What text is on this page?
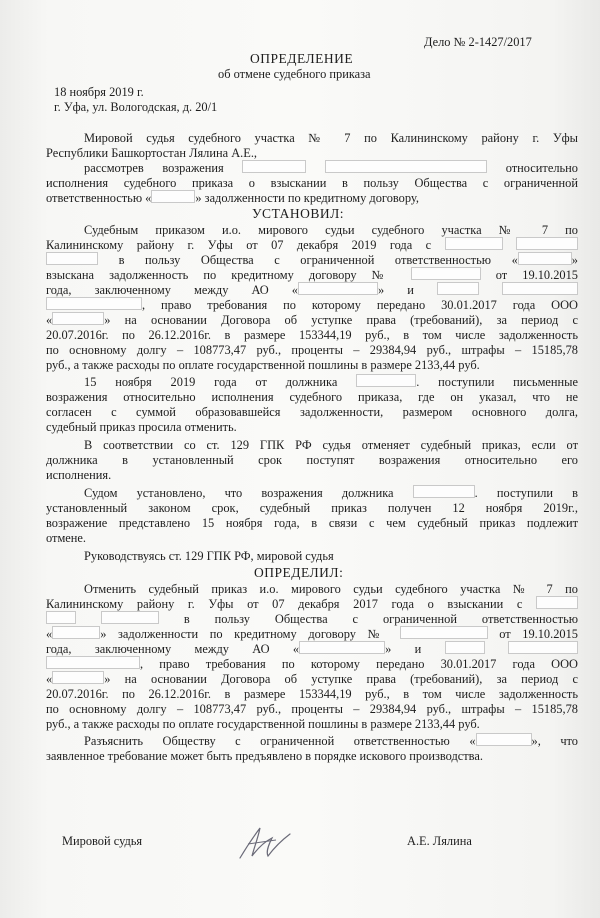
Дело № 2-1427/2017
ОПРЕДЕЛЕНИЕ
об отмене судебного приказа
18 ноября 2019 г.
г. Уфа, ул. Вологодская, д. 20/1
Мировой судья судебного участка № 7 по Калининскому району г. Уфы
Республики Башкортостан Лялина А.Е.,
рассмотрев возражения	относительно
исполнения судебного приказа о взыскании в пользу Общества с ограниченной
ответственностью «	» задолженности по кредитному договору,
УСТАНОВИЛ:
Судебным приказом и.о. мирового судьи судебного участка № 7 по
Калининскому району г. Уфы от 07 декабря 2019 года с
в пользу Общества с ограниченной ответственностью «	»
взыскана задолженность по кредитному договору №	от 19.10.2015
года, заключенному между АО «	» и
, право требования по которому передано 30.01.2017 года ООО
«	» на основании Договора об уступке права (требований), за период с
20.07.2016г. по 26.12.2016г. в размере 153344,19 руб., в том числе задолженность
по основному долгу – 108773,47 руб., проценты – 29384,94 руб., штрафы – 15185,78
руб., а также расходы по оплате государственной пошлины в размере 2133,44 руб.
15 ноября 2019 года от должника	. поступили письменные
возражения относительно исполнения судебного приказа, где он указал, что не
согласен с суммой образовавшейся задолженности, размером основного долга,
судебный приказ просила отменить.
В соответствии со ст. 129 ГПК РФ судья отменяет судебный приказ, если от
должника в установленный срок поступят возражения относительно его
исполнения.
Судом установлено, что возражения должника	. поступили в
установленный законом срок, судебный приказ получен 12 ноября 2019г.,
возражение представлено 15 ноября года, в связи с чем судебный приказ подлежит
отмене.
Руководствуясь ст. 129 ГПК РФ, мировой судья
ОПРЕДЕЛИЛ:
Отменить судебный приказ и.о. мирового судьи судебного участка № 7 по
Калининскому району г. Уфы от 07 декабря 2017 года о взыскании с
в пользу Общества с ограниченной ответственностью
«	» задолженности по кредитному договору №	от 19.10.2015
года, заключенному между АО «	» и
, право требования по которому передано 30.01.2017 года ООО
«	» на основании Договора об уступке права (требований), за период с
20.07.2016г. по 26.12.2016г. в размере 153344,19 руб., в том числе задолженность
по основному долгу – 108773,47 руб., проценты – 29384,94 руб., штрафы – 15185,78
руб., а также расходы по оплате государственной пошлины в размере 2133,44 руб.
Разъяснить Обществу с ограниченной ответственностью «	», что
заявленное требование может быть предъявлено в порядке искового производства.
Мировой судья	А.Е. Лялина
